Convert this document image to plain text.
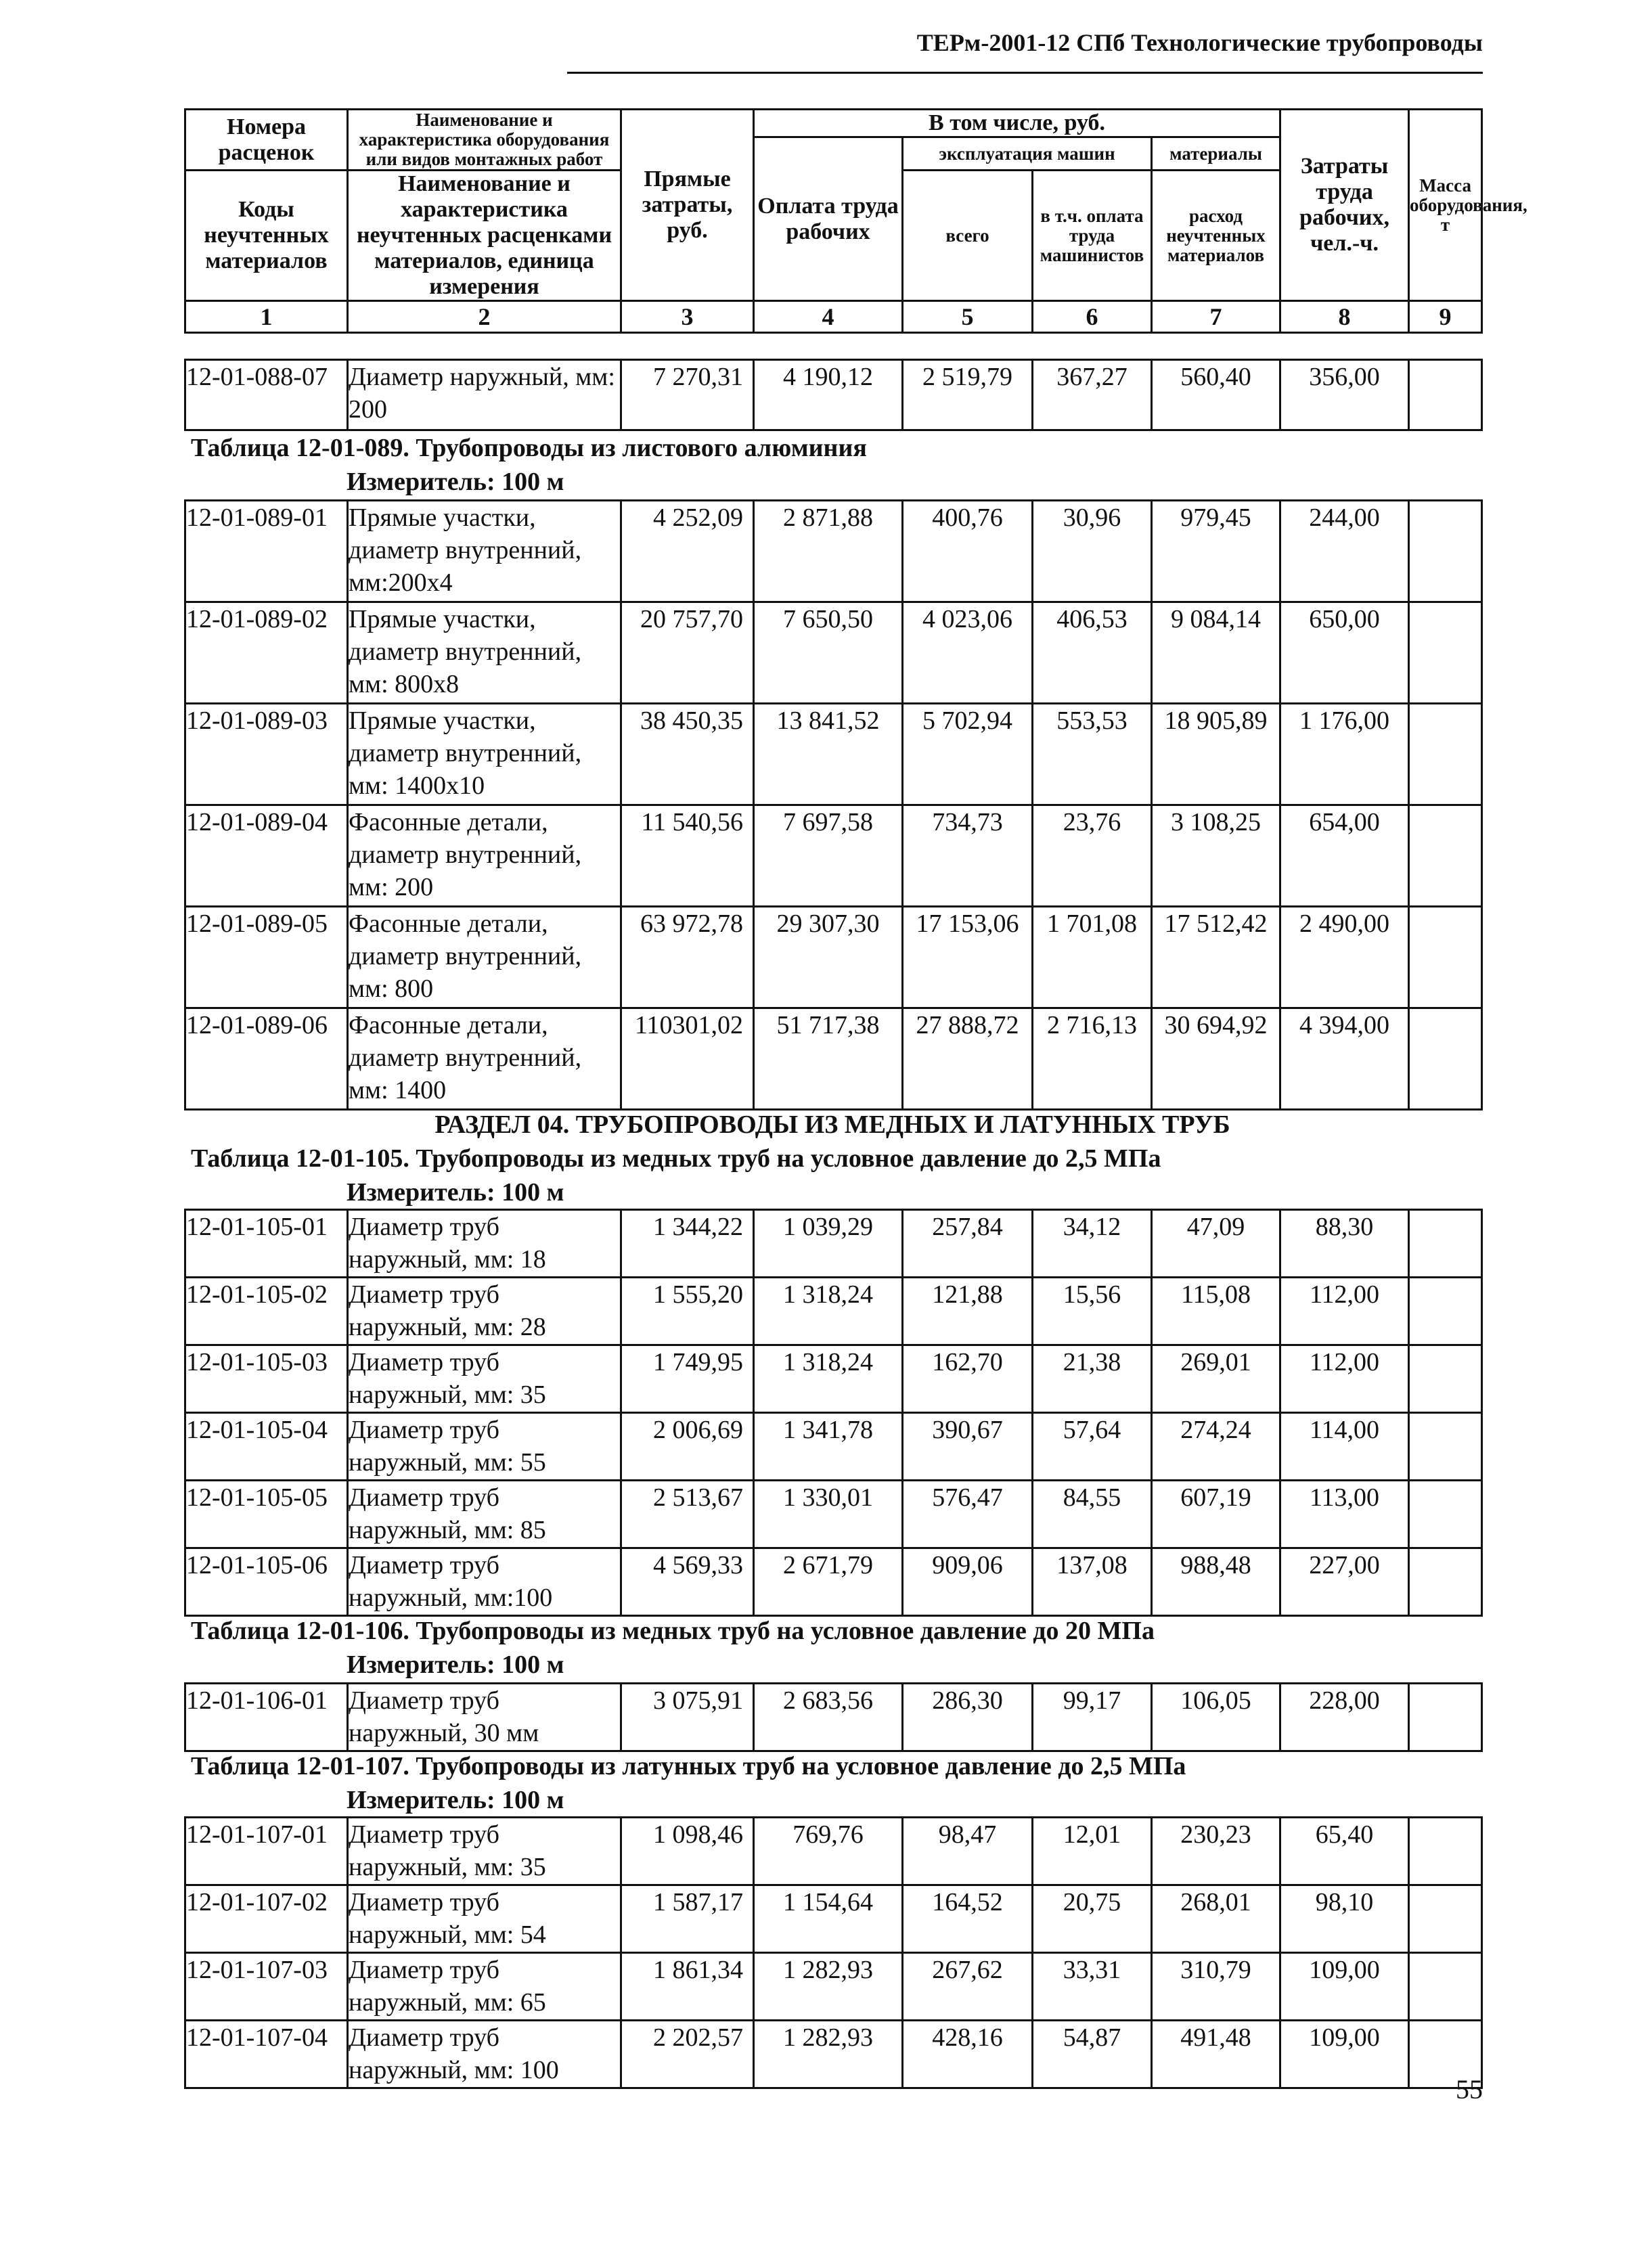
ТЕРм-2001-12 СПб Технологические трубопроводы
Номера расценок	Наименование и характеристика оборудования или видов монтажных работ	Прямые затраты, руб.	В том числе, руб.				Затраты труда рабочих, чел.-ч.	Масса оборудования, т
			Оплата труда рабочих	эксплуатация машин		материалы		
Коды неучтенных материалов	Наименование и характеристика неучтенных расценками материалов, единица измерения			всего	в т.ч. оплата труда машинистов	расход неучтенных материалов		

1	2	3	4	5	6	7	8	9
12-01-088-07	Диаметр наружный, мм: 200	7 270,31	4 190,12	2 519,79	367,27	560,40	356,00	
Таблица 12-01-089. Трубопроводы из листового алюминия
Измеритель: 100 м
12-01-089-01	Прямые участки, диаметр внутренний, мм:200х4	4 252,09	2 871,88	400,76	30,96	979,45	244,00	
12-01-089-02	Прямые участки, диаметр внутренний, мм: 800х8	20 757,70	7 650,50	4 023,06	406,53	9 084,14	650,00	
12-01-089-03	Прямые участки, диаметр внутренний, мм: 1400х10	38 450,35	13 841,52	5 702,94	553,53	18 905,89	1 176,00	
12-01-089-04	Фасонные детали, диаметр внутренний, мм: 200	11 540,56	7 697,58	734,73	23,76	3 108,25	654,00	
12-01-089-05	Фасонные детали, диаметр внутренний, мм: 800	63 972,78	29 307,30	17 153,06	1 701,08	17 512,42	2 490,00	
12-01-089-06	Фасонные детали, диаметр внутренний, мм: 1400	110301,02	51 717,38	27 888,72	2 716,13	30 694,92	4 394,00	
РАЗДЕЛ 04. ТРУБОПРОВОДЫ ИЗ МЕДНЫХ И ЛАТУННЫХ ТРУБ
Таблица 12-01-105. Трубопроводы из медных труб на условное давление до 2,5 МПа
Измеритель: 100 м
12-01-105-01	Диаметр труб наружный, мм: 18	1 344,22	1 039,29	257,84	34,12	47,09	88,30	
12-01-105-02	Диаметр труб наружный, мм: 28	1 555,20	1 318,24	121,88	15,56	115,08	112,00	
12-01-105-03	Диаметр труб наружный, мм: 35	1 749,95	1 318,24	162,70	21,38	269,01	112,00	
12-01-105-04	Диаметр труб наружный, мм: 55	2 006,69	1 341,78	390,67	57,64	274,24	114,00	
12-01-105-05	Диаметр труб наружный, мм: 85	2 513,67	1 330,01	576,47	84,55	607,19	113,00	
12-01-105-06	Диаметр труб наружный, мм:100	4 569,33	2 671,79	909,06	137,08	988,48	227,00	
Таблица 12-01-106. Трубопроводы из медных труб на условное давление до 20 МПа
Измеритель: 100 м
12-01-106-01	Диаметр труб наружный, 30 мм	3 075,91	2 683,56	286,30	99,17	106,05	228,00	
Таблица 12-01-107. Трубопроводы из латунных труб на условное давление до 2,5 МПа
Измеритель: 100 м
12-01-107-01	Диаметр труб наружный, мм: 35	1 098,46	769,76	98,47	12,01	230,23	65,40	
12-01-107-02	Диаметр труб наружный, мм: 54	1 587,17	1 154,64	164,52	20,75	268,01	98,10	
12-01-107-03	Диаметр труб наружный, мм: 65	1 861,34	1 282,93	267,62	33,31	310,79	109,00	
12-01-107-04	Диаметр труб наружный, мм: 100	2 202,57	1 282,93	428,16	54,87	491,48	109,00	
55
